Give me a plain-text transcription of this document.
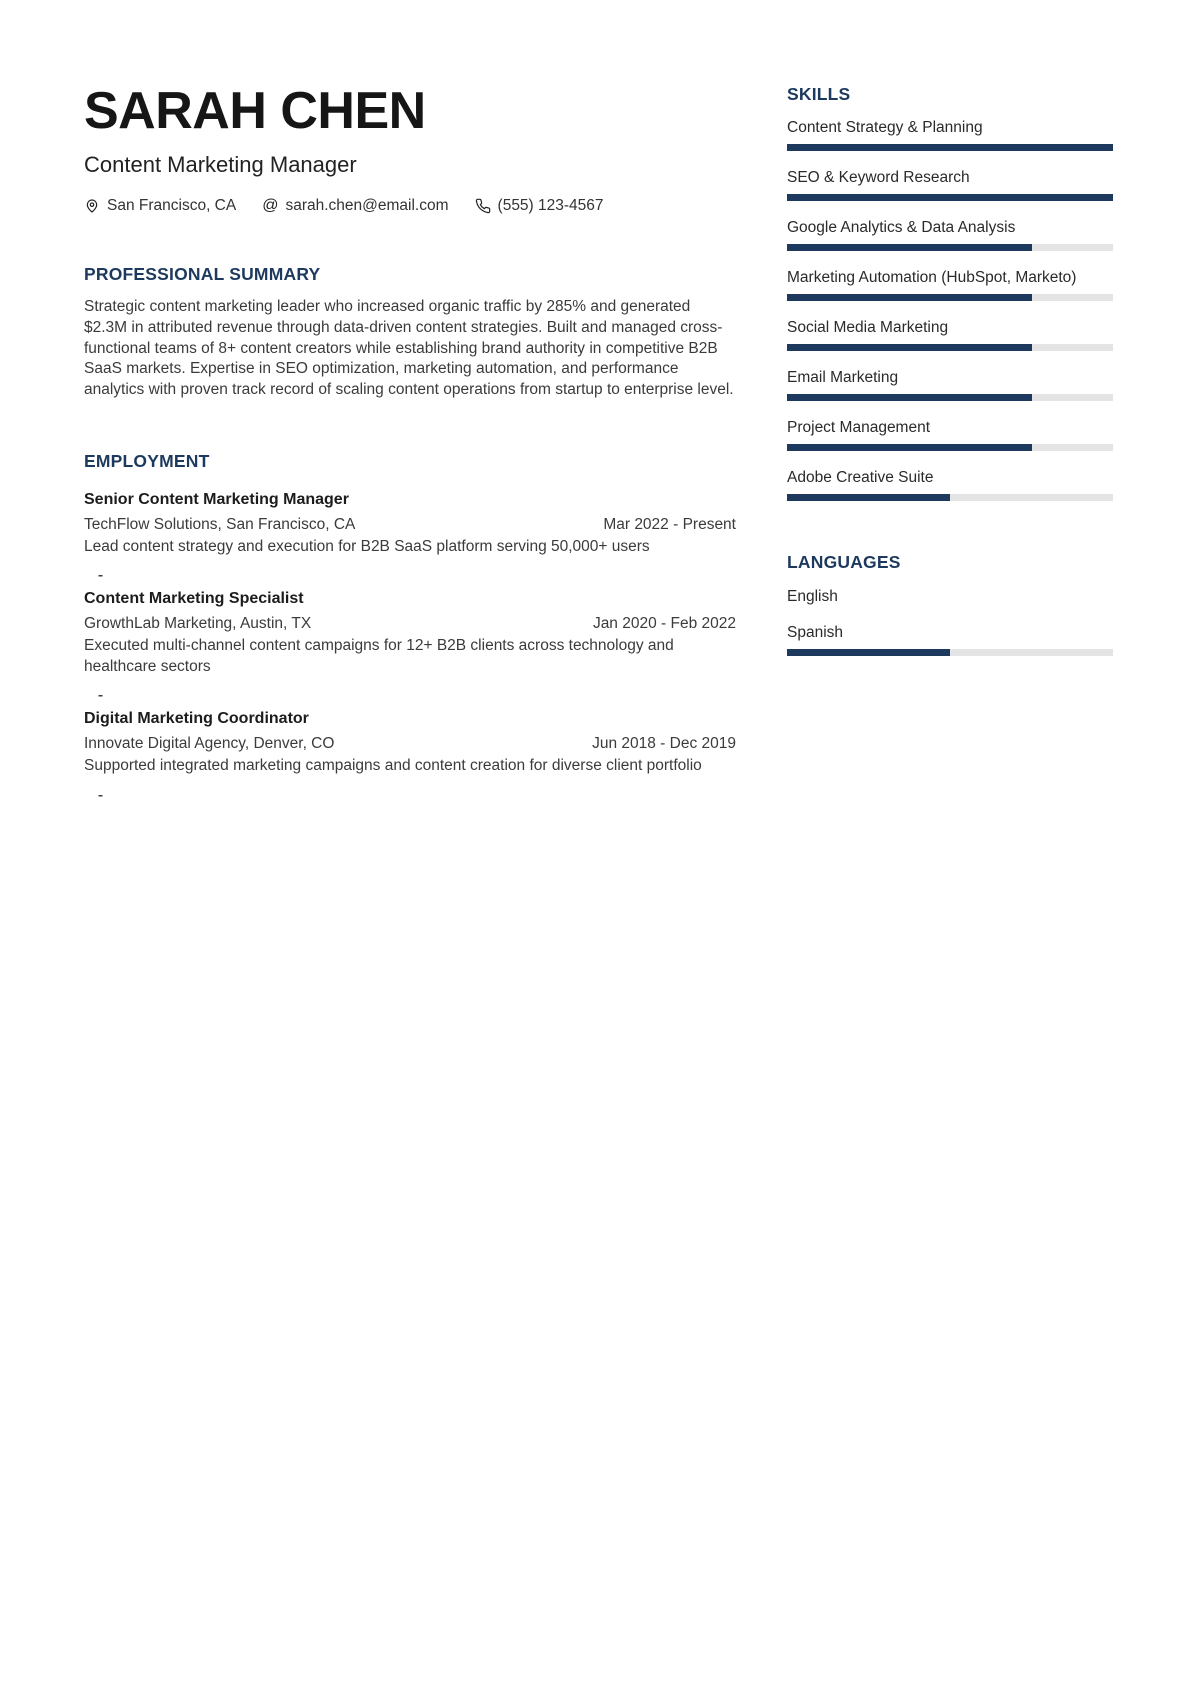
SARAH CHEN
Content Marketing Manager
San Francisco, CA @ sarah.chen@email.com	(555) 123-4567
PROFESSIONAL SUMMARY

Strategic content marketing leader who increased organic traffic by 285% and generated $2.3M in attributed revenue through data-driven content strategies. Built and managed cross-functional teams of 8+ content creators while establishing brand authority in competitive B2B SaaS markets. Expertise in SEO optimization, marketing automation, and performance analytics with proven track record of scaling content operations from startup to enterprise level.

EMPLOYMENT
Senior Content Marketing Manager
TechFlow Solutions, San Francisco, CA	Mar 2022 - Present

Lead content strategy and execution for B2B SaaS platform serving 50,000+ users

Content Marketing Specialist
GrowthLab Marketing, Austin, TX	Jan 2020 - Feb 2022

Executed multi-channel content campaigns for 12+ B2B clients across technology and healthcare sectors

Digital Marketing Coordinator
Innovate Digital Agency, Denver, CO	Jun 2018 - Dec 2019

Supported integrated marketing campaigns and content creation for diverse client portfolio

SKILLS
Content Strategy & Planning
SEO & Keyword Research
Google Analytics & Data Analysis
Marketing Automation (HubSpot, Marketo)
Social Media Marketing
Email Marketing
Project Management
Adobe Creative Suite
LANGUAGES
English
Spanish
